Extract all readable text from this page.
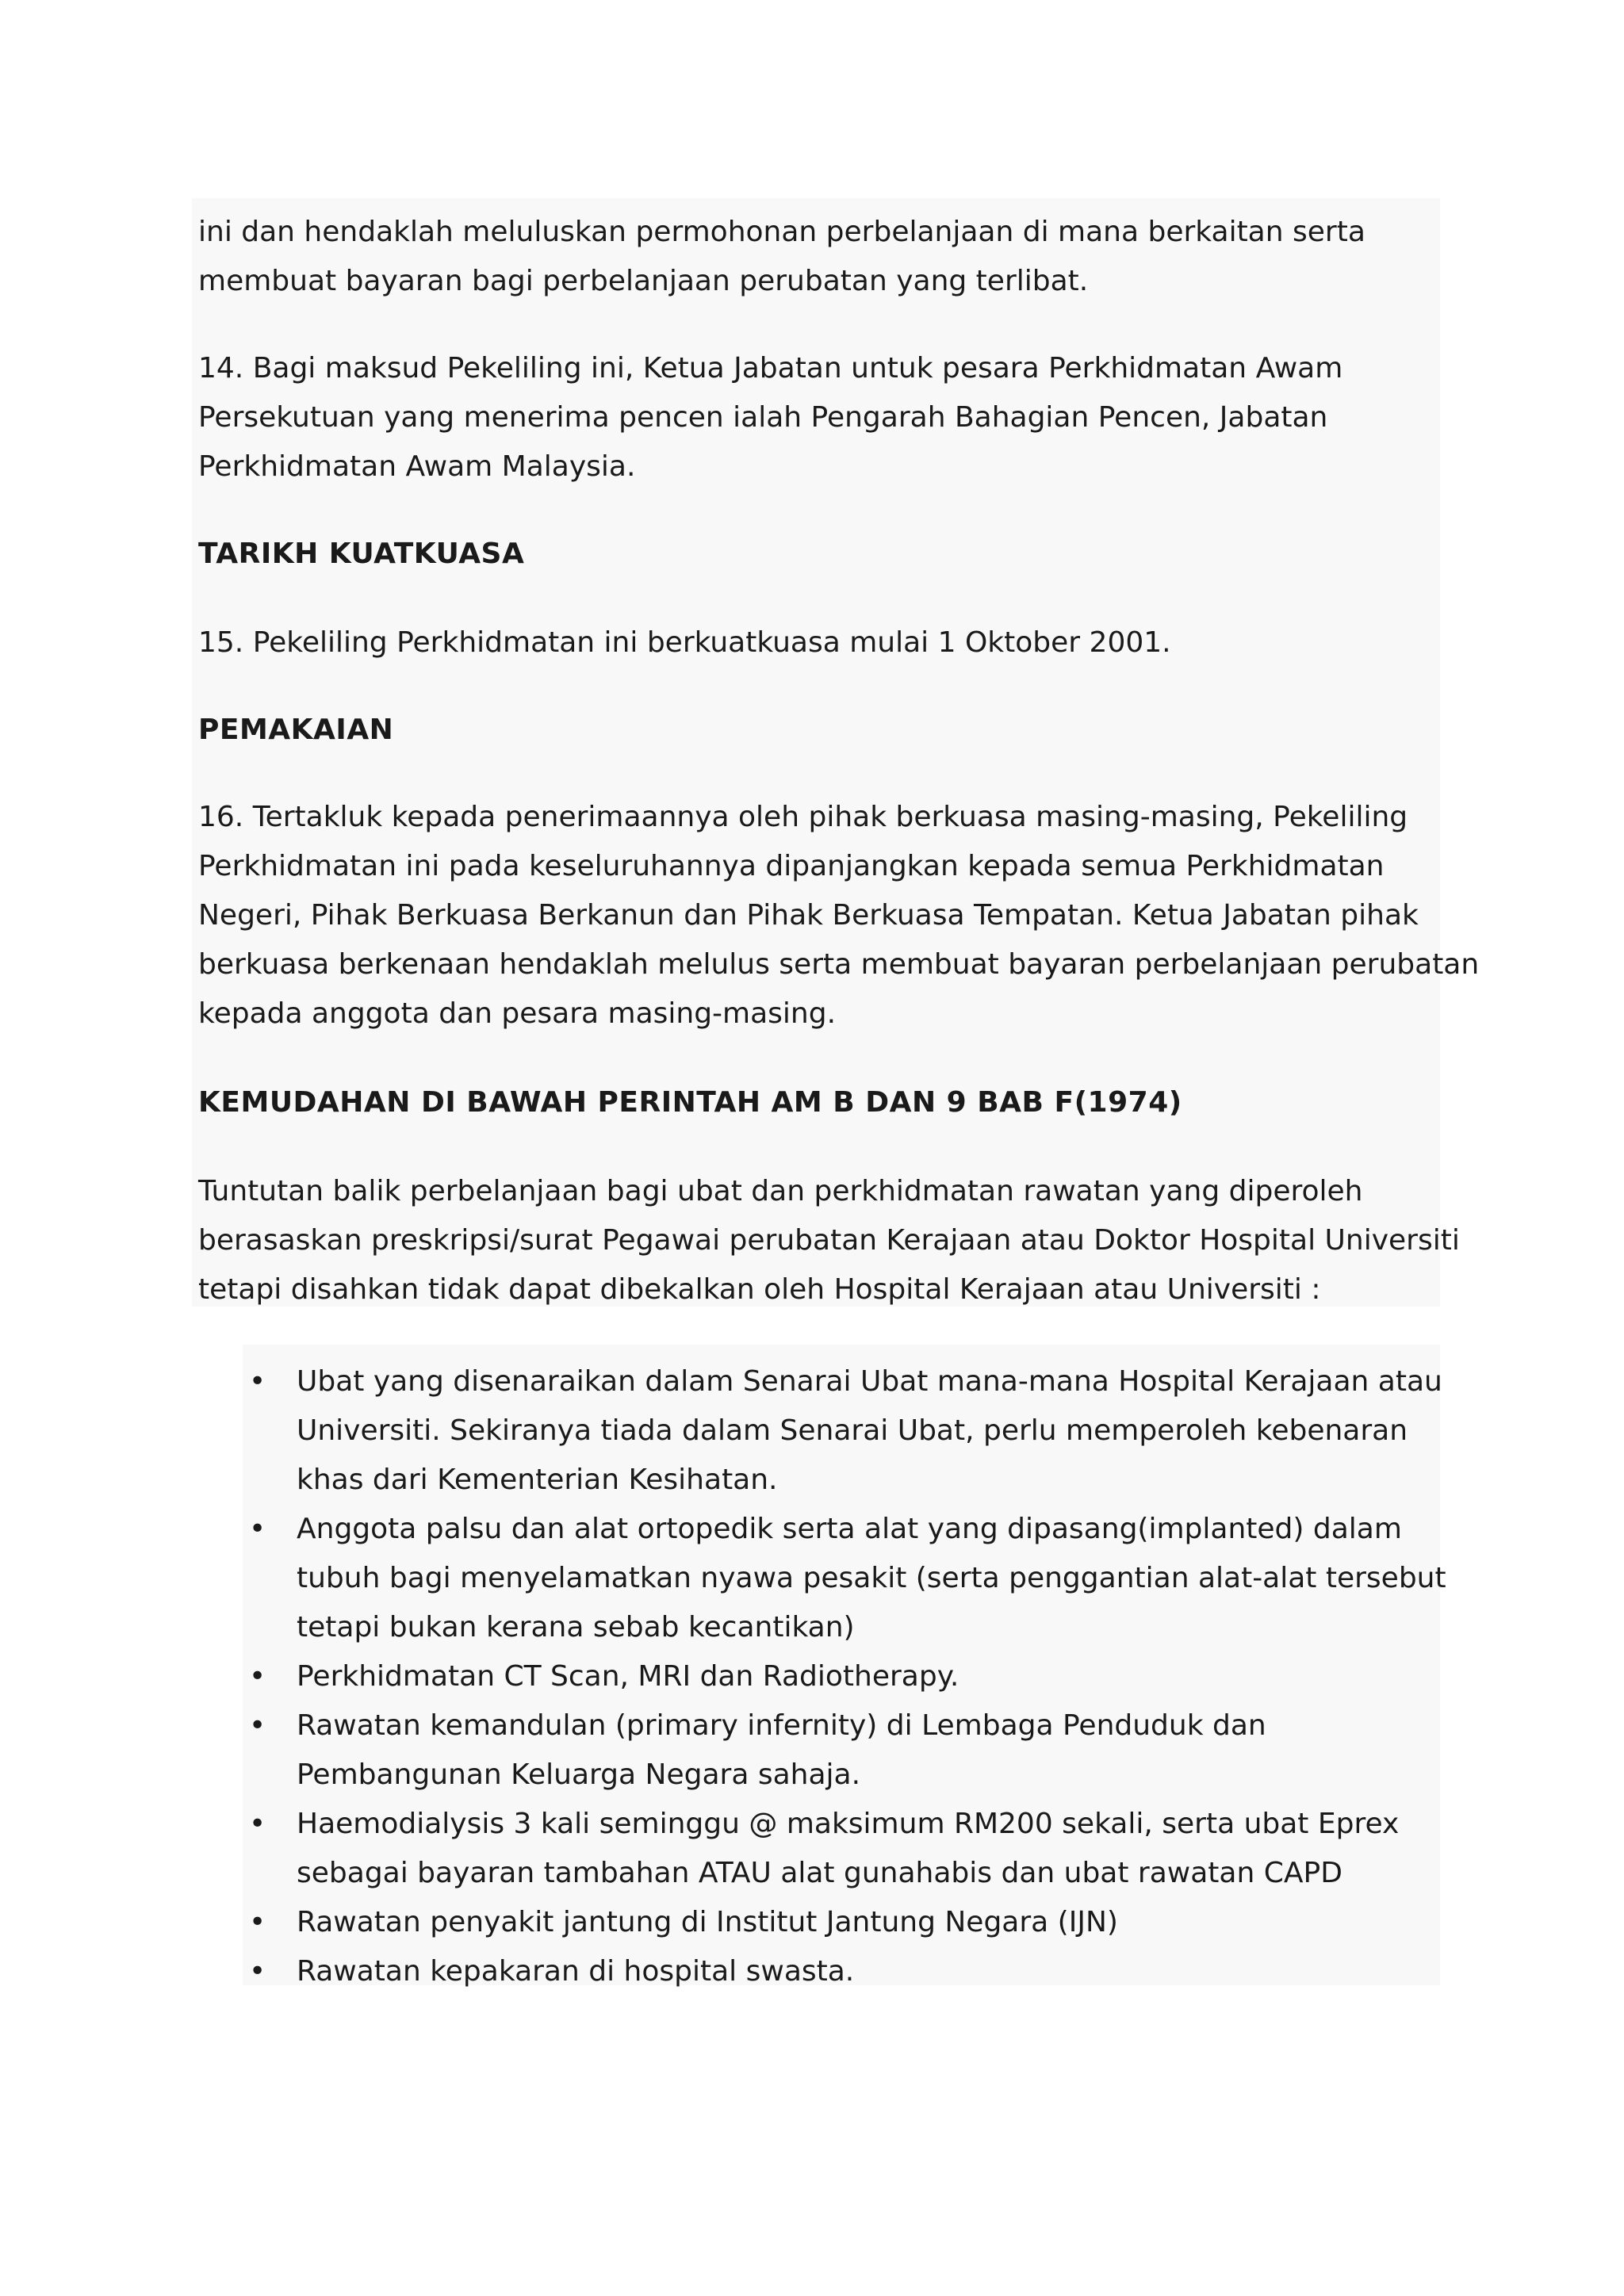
ini dan hendaklah meluluskan permohonan perbelanjaan di mana berkaitan serta
membuat bayaran bagi perbelanjaan perubatan yang terlibat.
14. Bagi maksud Pekeliling ini, Ketua Jabatan untuk pesara Perkhidmatan Awam
Persekutuan yang menerima pencen ialah Pengarah Bahagian Pencen, Jabatan
Perkhidmatan Awam Malaysia.
TARIKH KUATKUASA
15. Pekeliling Perkhidmatan ini berkuatkuasa mulai 1 Oktober 2001.
PEMAKAIAN
16. Tertakluk kepada penerimaannya oleh pihak berkuasa masing-masing, Pekeliling
Perkhidmatan ini pada keseluruhannya dipanjangkan kepada semua Perkhidmatan
Negeri, Pihak Berkuasa Berkanun dan Pihak Berkuasa Tempatan. Ketua Jabatan pihak
berkuasa berkenaan hendaklah melulus serta membuat bayaran perbelanjaan perubatan
kepada anggota dan pesara masing-masing.
KEMUDAHAN DI BAWAH PERINTAH AM B DAN 9 BAB F(1974)
Tuntutan balik perbelanjaan bagi ubat dan perkhidmatan rawatan yang diperoleh
berasaskan preskripsi/surat Pegawai perubatan Kerajaan atau Doktor Hospital Universiti
tetapi disahkan tidak dapat dibekalkan oleh Hospital Kerajaan atau Universiti :
• Ubat yang disenaraikan dalam Senarai Ubat mana-mana Hospital Kerajaan atau
Universiti. Sekiranya tiada dalam Senarai Ubat, perlu memperoleh kebenaran
khas dari Kementerian Kesihatan.
• Anggota palsu dan alat ortopedik serta alat yang dipasang(implanted) dalam
tubuh bagi menyelamatkan nyawa pesakit (serta penggantian alat-alat tersebut
tetapi bukan kerana sebab kecantikan)
• Perkhidmatan CT Scan, MRI dan Radiotherapy.
• Rawatan kemandulan (primary infernity) di Lembaga Penduduk dan
Pembangunan Keluarga Negara sahaja.
• Haemodialysis 3 kali seminggu @ maksimum RM200 sekali, serta ubat Eprex
sebagai bayaran tambahan ATAU alat gunahabis dan ubat rawatan CAPD
• Rawatan penyakit jantung di Institut Jantung Negara (IJN)
• Rawatan kepakaran di hospital swasta.
